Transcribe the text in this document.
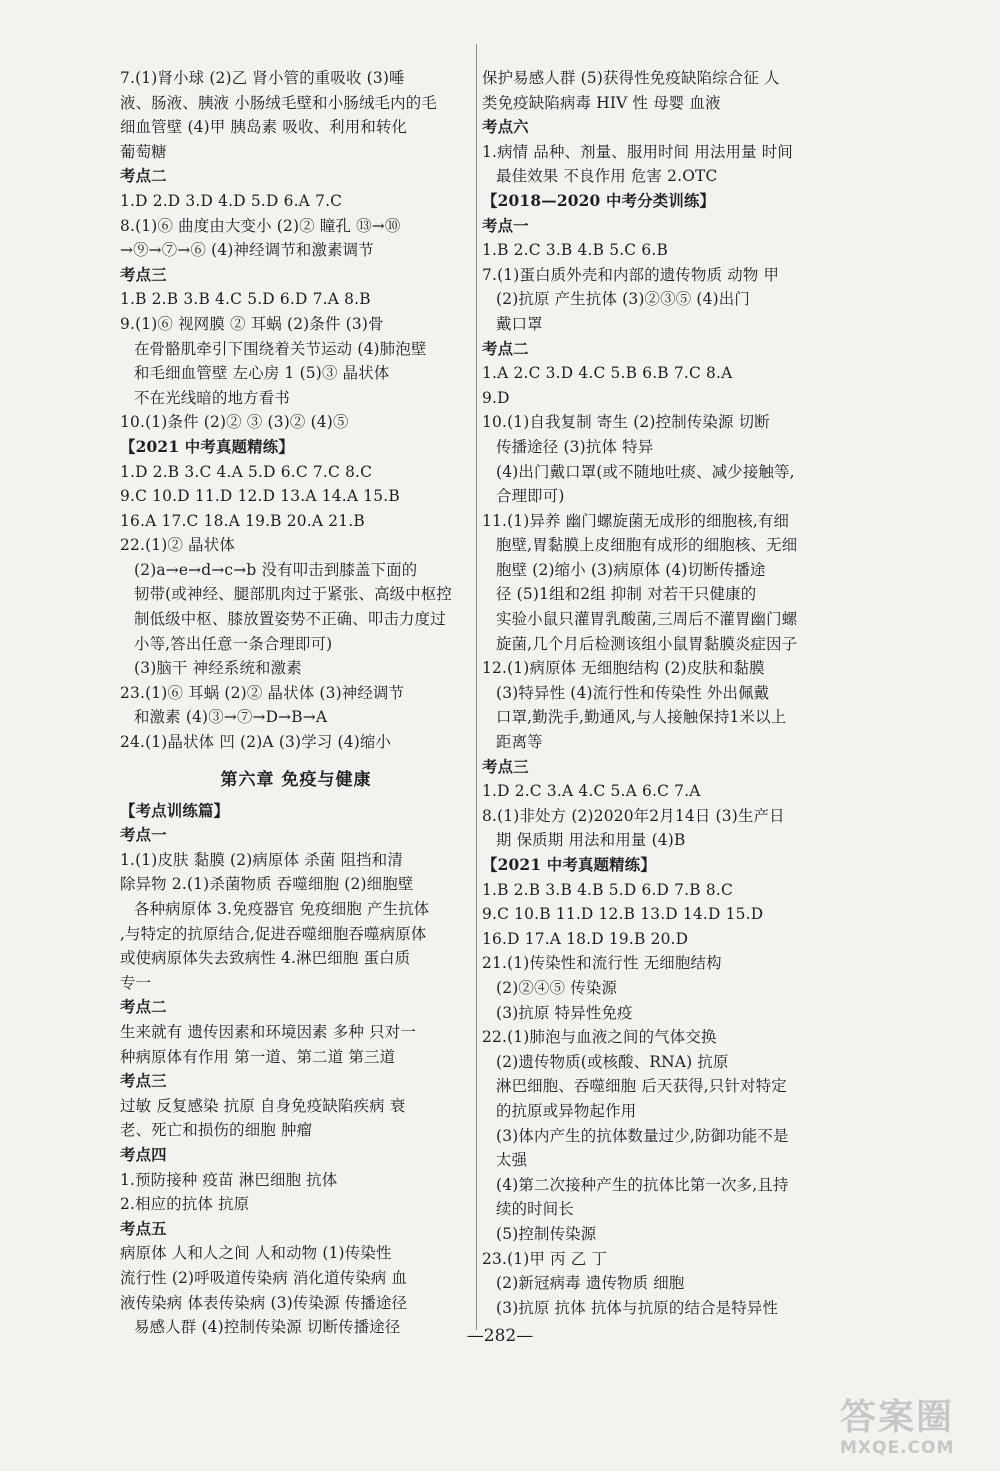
7.(1)肾小球 (2)乙 肾小管的重吸收 (3)唾
液、肠液、胰液 小肠绒毛壁和小肠绒毛内的毛
细血管壁 (4)甲 胰岛素 吸收、利用和转化
葡萄糖
考点二
1.D 2.D 3.D 4.D 5.D 6.A 7.C
8.(1)⑥ 曲度由大变小 (2)② 瞳孔 ⑬→⑩
→⑨→⑦→⑥ (4)神经调节和激素调节
考点三
1.B 2.B 3.B 4.C 5.D 6.D 7.A 8.B
9.(1)⑥ 视网膜 ② 耳蜗 (2)条件 (3)骨
在骨骼肌牵引下围绕着关节运动 (4)肺泡壁
和毛细血管壁 左心房 1 (5)③ 晶状体
不在光线暗的地方看书
10.(1)条件 (2)② ③ (3)② (4)⑤
【2021 中考真题精练】
1.D 2.B 3.C 4.A 5.D 6.C 7.C 8.C
9.C 10.D 11.D 12.D 13.A 14.A 15.B
16.A 17.C 18.A 19.B 20.A 21.B
22.(1)② 晶状体
(2)a→e→d→c→b 没有叩击到膝盖下面的
韧带(或神经、腿部肌肉过于紧张、高级中枢控
制低级中枢、膝放置姿势不正确、叩击力度过
小等,答出任意一条合理即可)
(3)脑干 神经系统和激素
23.(1)⑥ 耳蜗 (2)② 晶状体 (3)神经调节
和激素 (4)③→⑦→D→B→A
24.(1)晶状体 凹 (2)A (3)学习 (4)缩小
第六章 免疫与健康
【考点训练篇】
考点一
1.(1)皮肤 黏膜 (2)病原体 杀菌 阻挡和清
除异物 2.(1)杀菌物质 吞噬细胞 (2)细胞壁
各种病原体 3.免疫器官 免疫细胞 产生抗体
,与特定的抗原结合,促进吞噬细胞吞噬病原体
或使病原体失去致病性 4.淋巴细胞 蛋白质
专一
考点二
生来就有 遗传因素和环境因素 多种 只对一
种病原体有作用 第一道、第二道 第三道
考点三
过敏 反复感染 抗原 自身免疫缺陷疾病 衰
老、死亡和损伤的细胞 肿瘤
考点四
1.预防接种 疫苗 淋巴细胞 抗体
2.相应的抗体 抗原
考点五
病原体 人和人之间 人和动物 (1)传染性
流行性 (2)呼吸道传染病 消化道传染病 血
液传染病 体表传染病 (3)传染源 传播途径
易感人群 (4)控制传染源 切断传播途径
保护易感人群 (5)获得性免疫缺陷综合征 人
类免疫缺陷病毒 HIV 性 母婴 血液
考点六
1.病情 品种、剂量、服用时间 用法用量 时间
最佳效果 不良作用 危害 2.OTC
【2018—2020 中考分类训练】
考点一
1.B 2.C 3.B 4.B 5.C 6.B
7.(1)蛋白质外壳和内部的遗传物质 动物 甲
(2)抗原 产生抗体 (3)②③⑤ (4)出门
戴口罩
考点二
1.A 2.C 3.D 4.C 5.B 6.B 7.C 8.A
9.D
10.(1)自我复制 寄生 (2)控制传染源 切断
传播途径 (3)抗体 特异
(4)出门戴口罩(或不随地吐痰、减少接触等,
合理即可)
11.(1)异养 幽门螺旋菌无成形的细胞核,有细
胞壁,胃黏膜上皮细胞有成形的细胞核、无细
胞壁 (2)缩小 (3)病原体 (4)切断传播途
径 (5)1组和2组 抑制 对若干只健康的
实验小鼠只灌胃乳酸菌,三周后不灌胃幽门螺
旋菌,几个月后检测该组小鼠胃黏膜炎症因子
12.(1)病原体 无细胞结构 (2)皮肤和黏膜
(3)特异性 (4)流行性和传染性 外出佩戴
口罩,勤洗手,勤通风,与人接触保持1米以上
距离等
考点三
1.D 2.C 3.A 4.C 5.A 6.C 7.A
8.(1)非处方 (2)2020年2月14日 (3)生产日
期 保质期 用法和用量 (4)B
【2021 中考真题精练】
1.B 2.B 3.B 4.B 5.D 6.D 7.B 8.C
9.C 10.B 11.D 12.B 13.D 14.D 15.D
16.D 17.A 18.D 19.B 20.D
21.(1)传染性和流行性 无细胞结构
(2)②④⑤ 传染源
(3)抗原 特异性免疫
22.(1)肺泡与血液之间的气体交换
(2)遗传物质(或核酸、RNA) 抗原
淋巴细胞、吞噬细胞 后天获得,只针对特定
的抗原或异物起作用
(3)体内产生的抗体数量过少,防御功能不是
太强
(4)第二次接种产生的抗体比第一次多,且持
续的时间长
(5)控制传染源
23.(1)甲 丙 乙 丁
(2)新冠病毒 遗传物质 细胞
(3)抗原 抗体 抗体与抗原的结合是特异性
—282—
答案圈
MXQE.COM
